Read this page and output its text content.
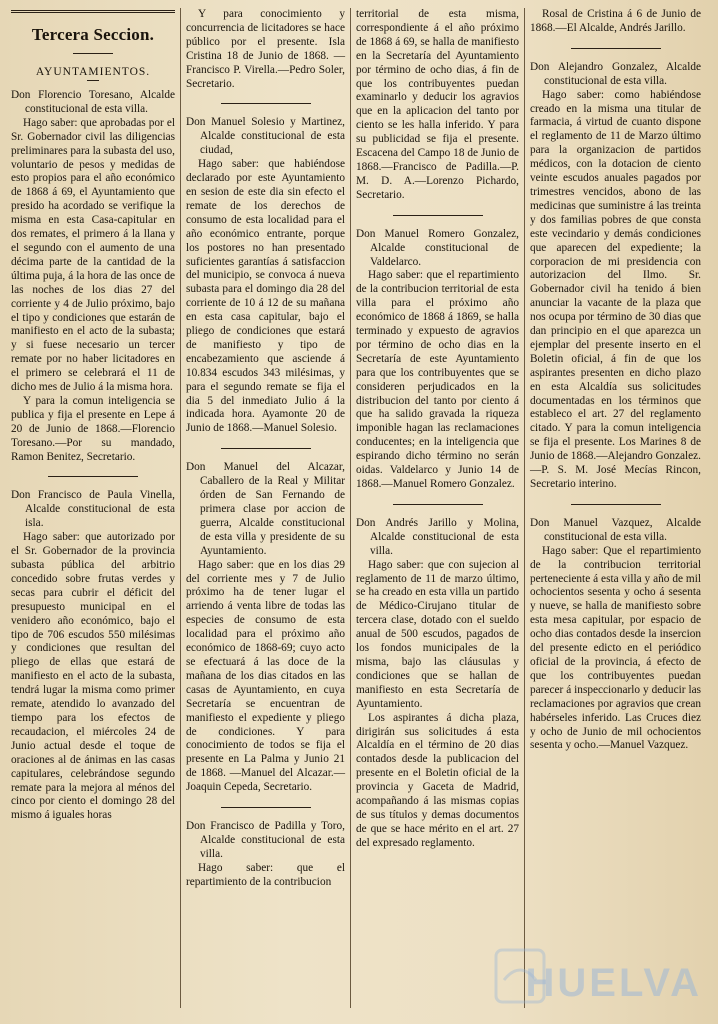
Tercera Seccion.
AYUNTAMIENTOS.

Don Florencio Toresano, Alcalde constitucional de esta villa.

Hago saber: que aprobadas por el Sr. Gobernador civil las diligencias preliminares para la subasta del uso, voluntario de pesos y medidas de esto propios para el año económico de 1868 á 69, el Ayuntamiento que presido ha acordado se verifique la misma en esta Casa-capitular en dos remates, el primero á la llana y el segundo con el aumento de una décima parte de la cantidad de la última puja, á la hora de las once de las noches de los dias 27 del corriente y 4 de Julio próximo, bajo el tipo y condiciones que estarán de manifiesto en el acto de la subasta; y si fuese necesario un tercer remate por no haber licitadores en el primero se celebrará el 11 de dicho mes de Julio á la misma hora.

Y para la comun inteligencia se publica y fija el presente en Lepe á 20 de Junio de 1868.—Florencio Toresano.—Por su mandado, Ramon Benitez, Secretario.

Don Francisco de Paula Vinella, Alcalde constitucional de esta isla.

Hago saber: que autorizado por el Sr. Gobernador de la provincia subasta pública del arbitrio concedido sobre frutas verdes y secas para cubrir el déficit del presupuesto municipal en el venidero año económico, bajo el tipo de 706 escudos 550 milésimas y condiciones que resultan del pliego de ellas que estará de manifiesto en el acto de la subasta, tendrá lugar la misma como primer remate, atendido lo avanzado del tiempo para los efectos de recaudacion, el miércoles 24 de Junio actual desde el toque de oraciones al de ánimas en las casas capitulares, celebrándose segundo remate para la mejora al ménos del cinco por ciento el domingo 28 del mismo á iguales horas

Y para conocimiento y concurrencia de licitadores se hace público por el presente. Isla Cristina 18 de Junio de 1868. —Francisco P. Virella.—Pedro Soler, Secretario.

Don Manuel Solesio y Martinez, Alcalde constitucional de esta ciudad,

Hago saber: que habiéndose declarado por este Ayuntamiento en sesion de este dia sin efecto el remate de los derechos de consumo de esta localidad para el año económico entrante, porque los postores no han presentado suficientes garantías á satisfaccion del municipio, se convoca á nueva subasta para el domingo dia 28 del corriente de 10 á 12 de su mañana en esta casa capitular, bajo el pliego de condiciones que estará de manifiesto y tipo de encabezamiento que asciende á 10.834 escudos 343 milésimas, y para el segundo remate se fija el dia 5 del inmediato Julio á la indicada hora. Ayamonte 20 de Junio de 1868.—Manuel Solesio.

Don Manuel del Alcazar, Caballero de la Real y Militar órden de San Fernando de primera clase por accion de guerra, Alcalde constitucional de esta villa y presidente de su Ayuntamiento.

Hago saber: que en los dias 29 del corriente mes y 7 de Julio próximo ha de tener lugar el arriendo á venta libre de todas las especies de consumo de esta localidad para el próximo año económico de 1868-69; cuyo acto se efectuará á las doce de la mañana de los dias citados en las casas de Ayuntamiento, en cuya Secretaría se encuentran de manifiesto el expediente y pliego de condiciones. Y para conocimiento de todos se fija el presente en La Palma y Junio 21 de 1868. —Manuel del Alcazar.—Joaquin Cepeda, Secretario.

Don Francisco de Padilla y Toro, Alcalde constitucional de esta villa.

Hago saber: que el repartimiento de la contribucion

territorial de esta misma, correspondiente á el año próximo de 1868 á 69, se halla de manifiesto en la Secretaría del Ayuntamiento por término de ocho dias, á fin de que los contribuyentes puedan examinarlo y deducir los agravios que en la aplicacion del tanto por ciento se les halla inferido. Y para su publicidad se fija el presente. Escacena del Campo 18 de Junio de 1868.—Francisco de Padilla.—P. M. D. A.—Lorenzo Pichardo, Secretario.

Don Manuel Romero Gonzalez, Alcalde constitucional de Valdelarco.

Hago saber: que el repartimiento de la contribucion territorial de esta villa para el próximo año económico de 1868 á 1869, se halla terminado y expuesto de agravios por término de ocho dias en la Secretaría de este Ayuntamiento para que los contribuyentes que se consideren perjudicados en la distribucion del tanto por ciento á que ha salido gravada la riqueza imponible hagan las reclamaciones conducentes; en la inteligencia que espirando dicho término no serán oidas. Valdelarco y Junio 14 de 1868.—Manuel Romero Gonzalez.

Don Andrés Jarillo y Molina, Alcalde constitucional de esta villa.

Hago saber: que con sujecion al reglamento de 11 de marzo último, se ha creado en esta villa un partido de Médico-Cirujano titular de tercera clase, dotado con el sueldo anual de 500 escudos, pagados de los fondos municipales de la misma, bajo las cláusulas y condiciones que se hallan de manifiesto en esta Secretaría de Ayuntamiento.

Los aspirantes á dicha plaza, dirigirán sus solicitudes á esta Alcaldía en el término de 20 dias contados desde la publicacion del presente en el Boletin oficial de la provincia y Gaceta de Madrid, acompañando á las mismas copias de sus títulos y demas documentos de que se hace mérito en el art. 27 del expresado reglamento.

Rosal de Cristina á 6 de Junio de 1868.—El Alcalde, Andrés Jarillo.

Don Alejandro Gonzalez, Alcalde constitucional de esta villa.

Hago saber: como habiéndose creado en la misma una titular de farmacia, á virtud de cuanto dispone el reglamento de 11 de Marzo último para la organizacion de partidos médicos, con la dotacion de ciento veinte escudos anuales pagados por trimestres vencidos, abono de las medicinas que suministre á las treinta y dos familias pobres de que consta este vecindario y demás condiciones que aparecen del expediente; la corporacion de mi presidencia con autorizacion del Ilmo. Sr. Gobernador civil ha tenido á bien anunciar la vacante de la plaza que nos ocupa por término de 30 dias que dan principio en el que aparezca un ejemplar del presente inserto en el Boletin oficial, á fin de que los aspirantes presenten en dicho plazo en esta Alcaldía sus solicitudes documentadas en los términos que estableco el art. 27 del reglamento citado. Y para la comun inteligencia se fija el presente. Los Marines 8 de Junio de 1868.—Alejandro Gonzalez.—P. S. M. José Mecías Rincon, Secretario interino.

Don Manuel Vazquez, Alcalde constitucional de esta villa.

Hago saber: Que el repartimiento de la contribucion territorial perteneciente á esta villa y año de mil ochocientos sesenta y ocho á sesenta y nueve, se halla de manifiesto sobre esta mesa capitular, por espacio de ocho dias contados desde la insercion del presente edicto en el periódico oficial de la provincia, á efecto de que los contribuyentes puedan parecer á inspeccionarlo y deducir las reclamaciones por agravios que crean habérseles inferido. Las Cruces diez y ocho de Junio de mil ochocientos sesenta y ocho.—Manuel Vazquez.

HUELVA
